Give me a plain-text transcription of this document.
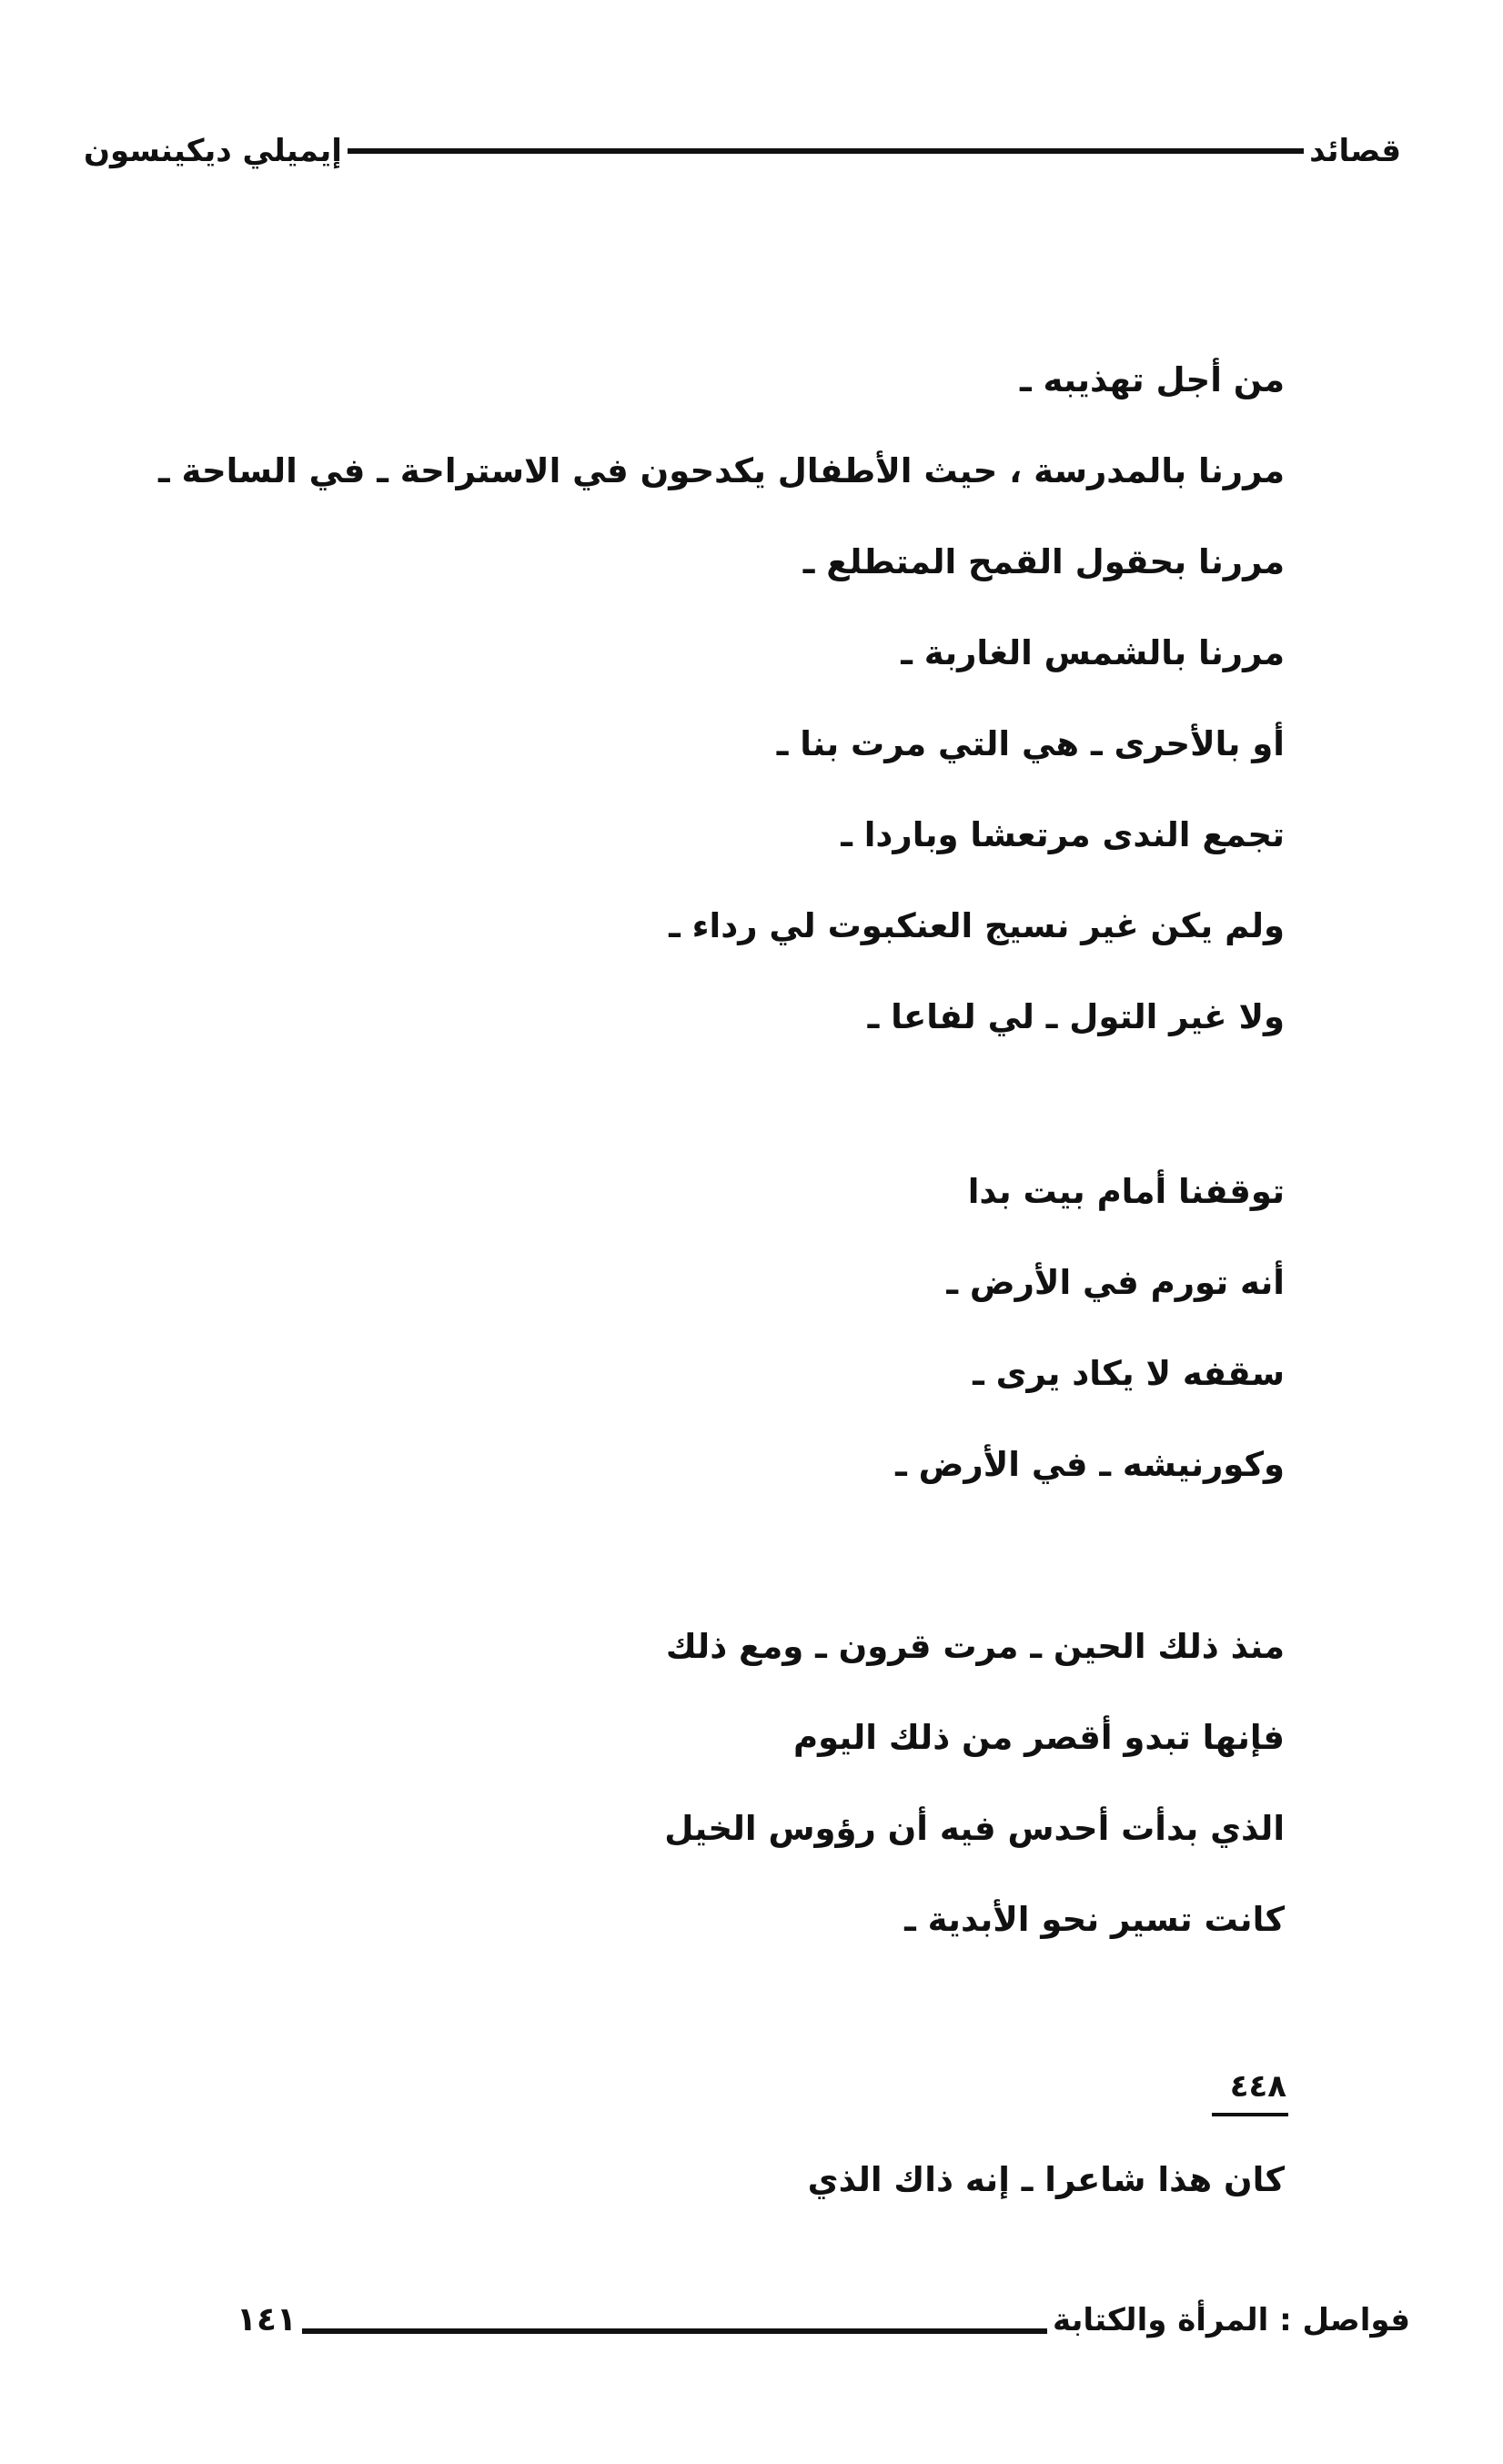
قصائد
إيميلي ديكينسون
من أجل تهذيبه ـ
مررنا بالمدرسة ، حيث الأطفال يكدحون في الاستراحة ـ في الساحة ـ
مررنا بحقول القمح المتطلع ـ
مررنا بالشمس الغاربة ـ
أو بالأحرى ـ هي التي مرت بنا ـ
تجمع الندى مرتعشا وباردا ـ
ولم يكن غير نسيج العنكبوت لي رداء ـ
ولا غير التول ـ لي لفاعا ـ
توقفنا أمام بيت بدا
أنه تورم في الأرض ـ
سقفه لا يكاد يرى ـ
وكورنيشه ـ في الأرض ـ
منذ ذلك الحين ـ مرت قرون ـ ومع ذلك
فإنها تبدو أقصر من ذلك اليوم
الذي بدأت أحدس فيه أن رؤوس الخيل
كانت تسير نحو الأبدية ـ
٤٤٨
كان هذا شاعرا ـ إنه ذاك الذي
فواصل : المرأة والكتابة
١٤١
